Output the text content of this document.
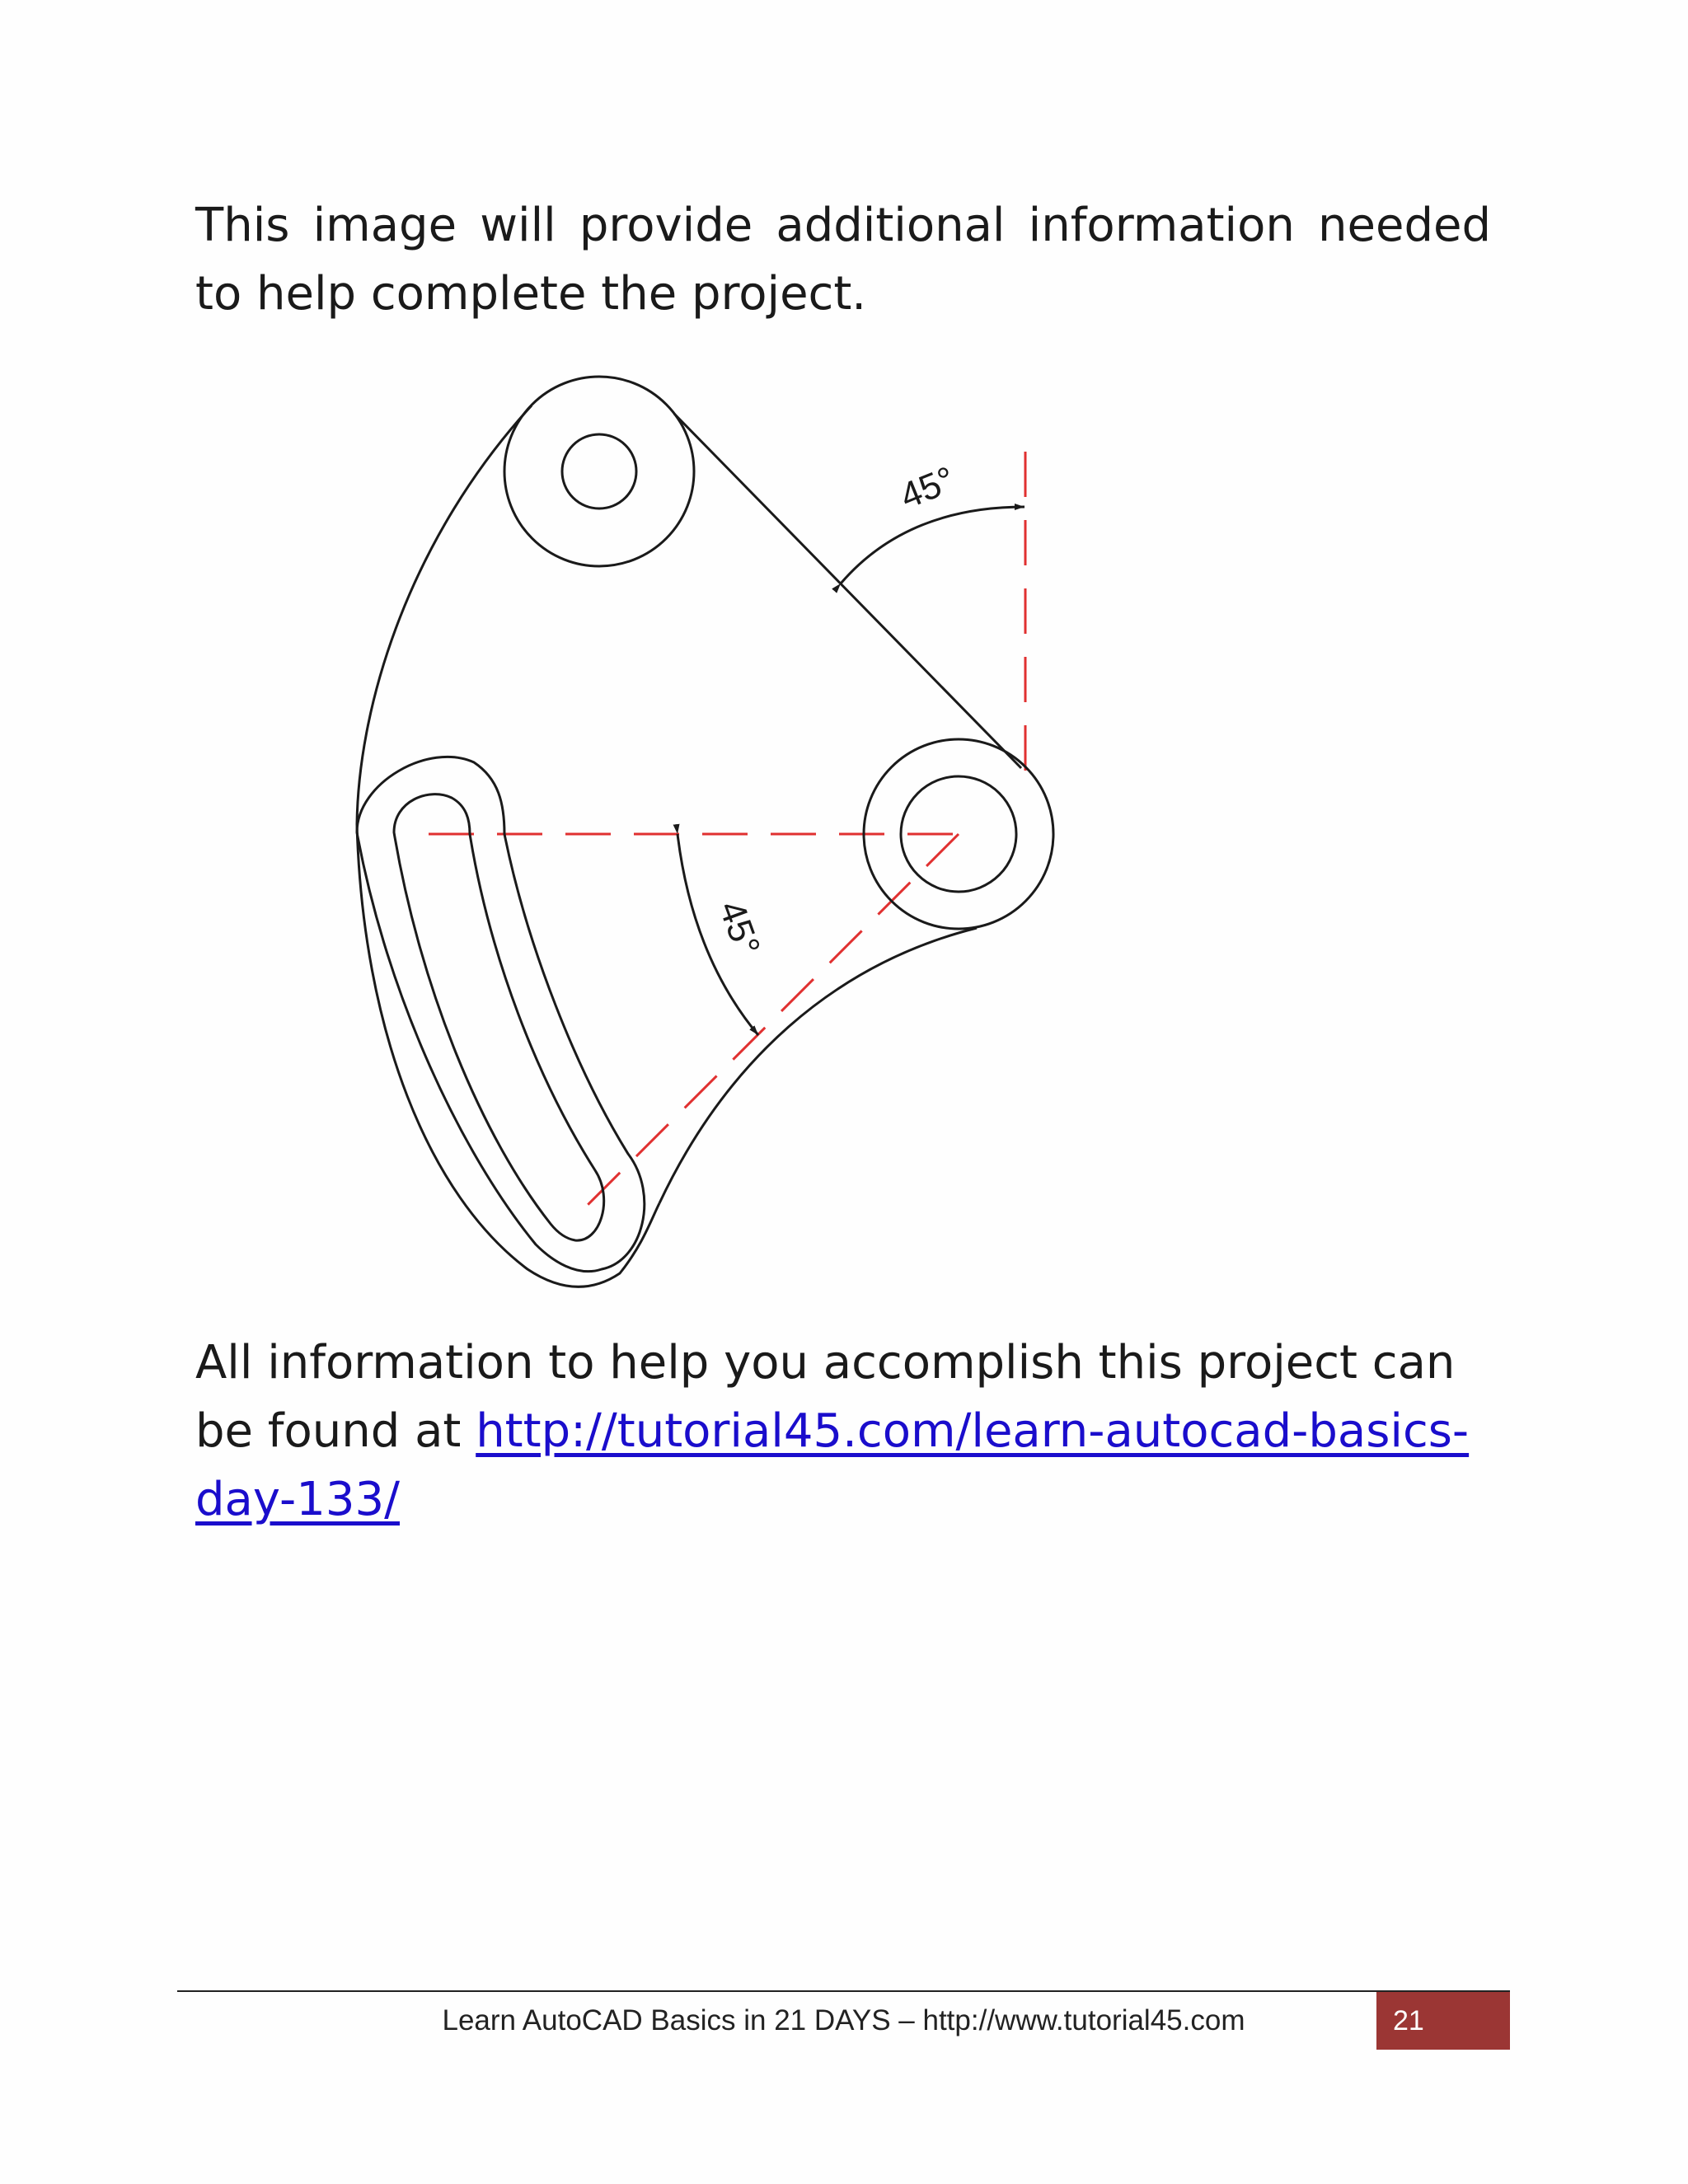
This image will provide additional information needed to help complete the project.

45°
45°

All information to help you accomplish this project can be found at http://tutorial45.com/learn-autocad-basics-day-133/

Learn AutoCAD Basics in 21 DAYS – http://www.tutorial45.com	21
